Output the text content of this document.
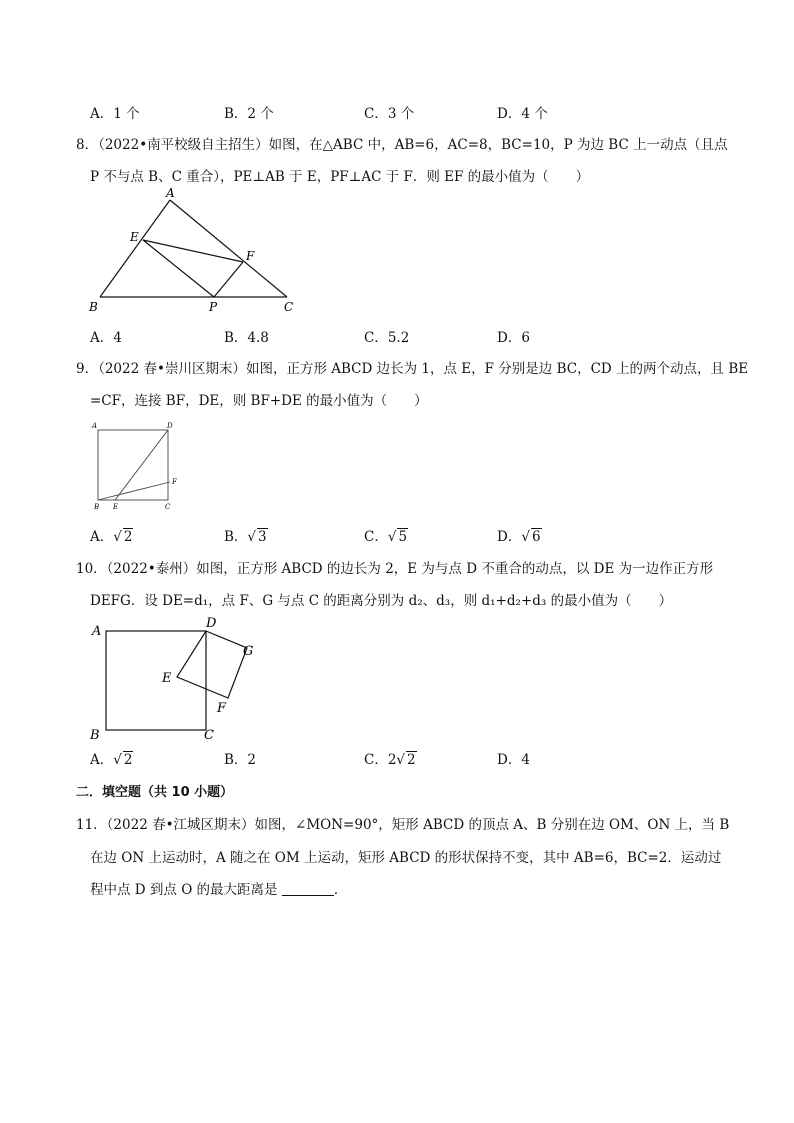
A．1 个	B．2 个	C．3 个	D．4 个
8．（2022•南平校级自主招生）如图，在△ABC 中，AB=6，AC=8，BC=10，P 为边 BC 上一动点（且点
P 不与点 B、C 重合），PE⊥AB 于 E，PF⊥AC 于 F．则 EF 的最小值为（　　）
A
E
F
B	P	C
A．4	B．4.8	C．5.2	D．6
9．（2022 春•崇川区期末）如图，正方形 ABCD 边长为 1，点 E，F 分别是边 BC，CD 上的两个动点，且 BE
=CF，连接 BF，DE，则 BF+DE 的最小值为（　　）
A	D
F
B E	C
A．√ 2	B．√ 3	C．√ 5	D．√ 6
10．（2022•泰州）如图，正方形 ABCD 的边长为 2，E 为与点 D 不重合的动点，以 DE 为一边作正方形
DEFG．设 DE=d₁，点 F、G 与点 C 的距离分别为 d₂、d₃，则 d₁+d₂+d₃ 的最小值为（　　）
A
D
G
E
F
B	C
A．√ 2	B．2	C．2√ 2	D．4
二．填空题（共 10 小题）
11．（2022 春•江城区期末）如图，∠MON=90°，矩形 ABCD 的顶点 A、B 分别在边 OM、ON 上，当 B
在边 ON 上运动时，A 随之在 OM 上运动，矩形 ABCD 的形状保持不变，其中 AB=6，BC=2．运动过
程中点 D 到点 O 的最大距离是	．
